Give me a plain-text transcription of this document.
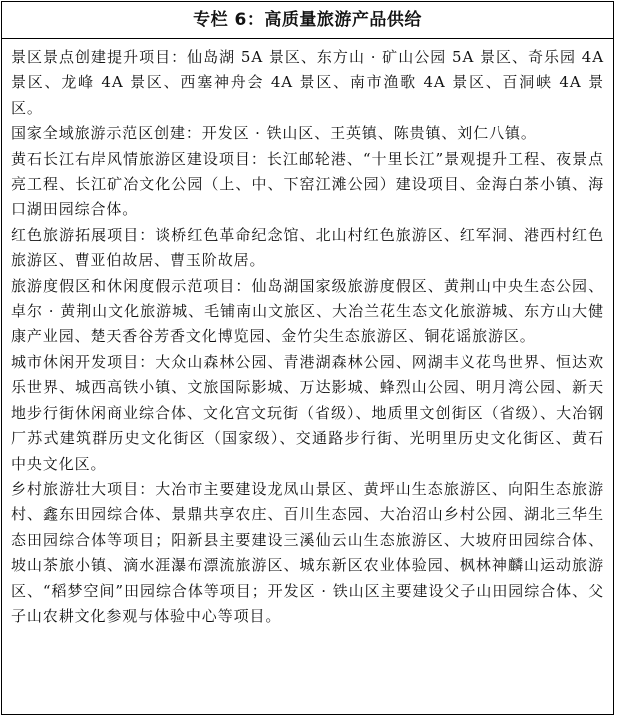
专栏 6：高质量旅游产品供给

景区景点创建提升项目：仙岛湖 5A 景区、东方山 · 矿山公园 5A 景区、奇乐园 4A 景区、龙峰 4A 景区、西塞神舟会 4A 景区、南市渔歌 4A 景区、百洞峡 4A 景区。

国家全域旅游示范区创建：开发区 · 铁山区、王英镇、陈贵镇、刘仁八镇。

黄石长江右岸风情旅游区建设项目：长江邮轮港、“十里长江”景观提升工程、夜景点亮工程、长江矿冶文化公园（上、中、下窑江滩公园）建设项目、金海白茶小镇、海口湖田园综合体。

红色旅游拓展项目：谈桥红色革命纪念馆、北山村红色旅游区、红军洞、港西村红色旅游区、曹亚伯故居、曹玉阶故居。

旅游度假区和休闲度假示范项目：仙岛湖国家级旅游度假区、黄荆山中央生态公园、卓尔 · 黄荆山文化旅游城、毛铺南山文旅区、大冶兰花生态文化旅游城、东方山大健康产业园、楚天香谷芳香文化博览园、金竹尖生态旅游区、铜花谣旅游区。

城市休闲开发项目：大众山森林公园、青港湖森林公园、网湖丰义花鸟世界、恒达欢乐世界、城西高铁小镇、文旅国际影城、万达影城、蜂烈山公园、明月湾公园、新天地步行街休闲商业综合体、文化宫文玩街（省级）、地质里文创街区（省级）、大冶钢厂苏式建筑群历史文化街区（国家级）、交通路步行街、光明里历史文化街区、黄石中央文化区。

乡村旅游壮大项目：大冶市主要建设龙凤山景区、黄坪山生态旅游区、向阳生态旅游村、鑫东田园综合体、景鼎共享农庄、百川生态园、大冶沼山乡村公园、湖北三华生态田园综合体等项目；阳新县主要建设三溪仙云山生态旅游区、大坡府田园综合体、坡山茶旅小镇、滴水涯瀑布漂流旅游区、城东新区农业体验园、枫林神麟山运动旅游区、“稻梦空间”田园综合体等项目；开发区 · 铁山区主要建设父子山田园综合体、父子山农耕文化参观与体验中心等项目。
